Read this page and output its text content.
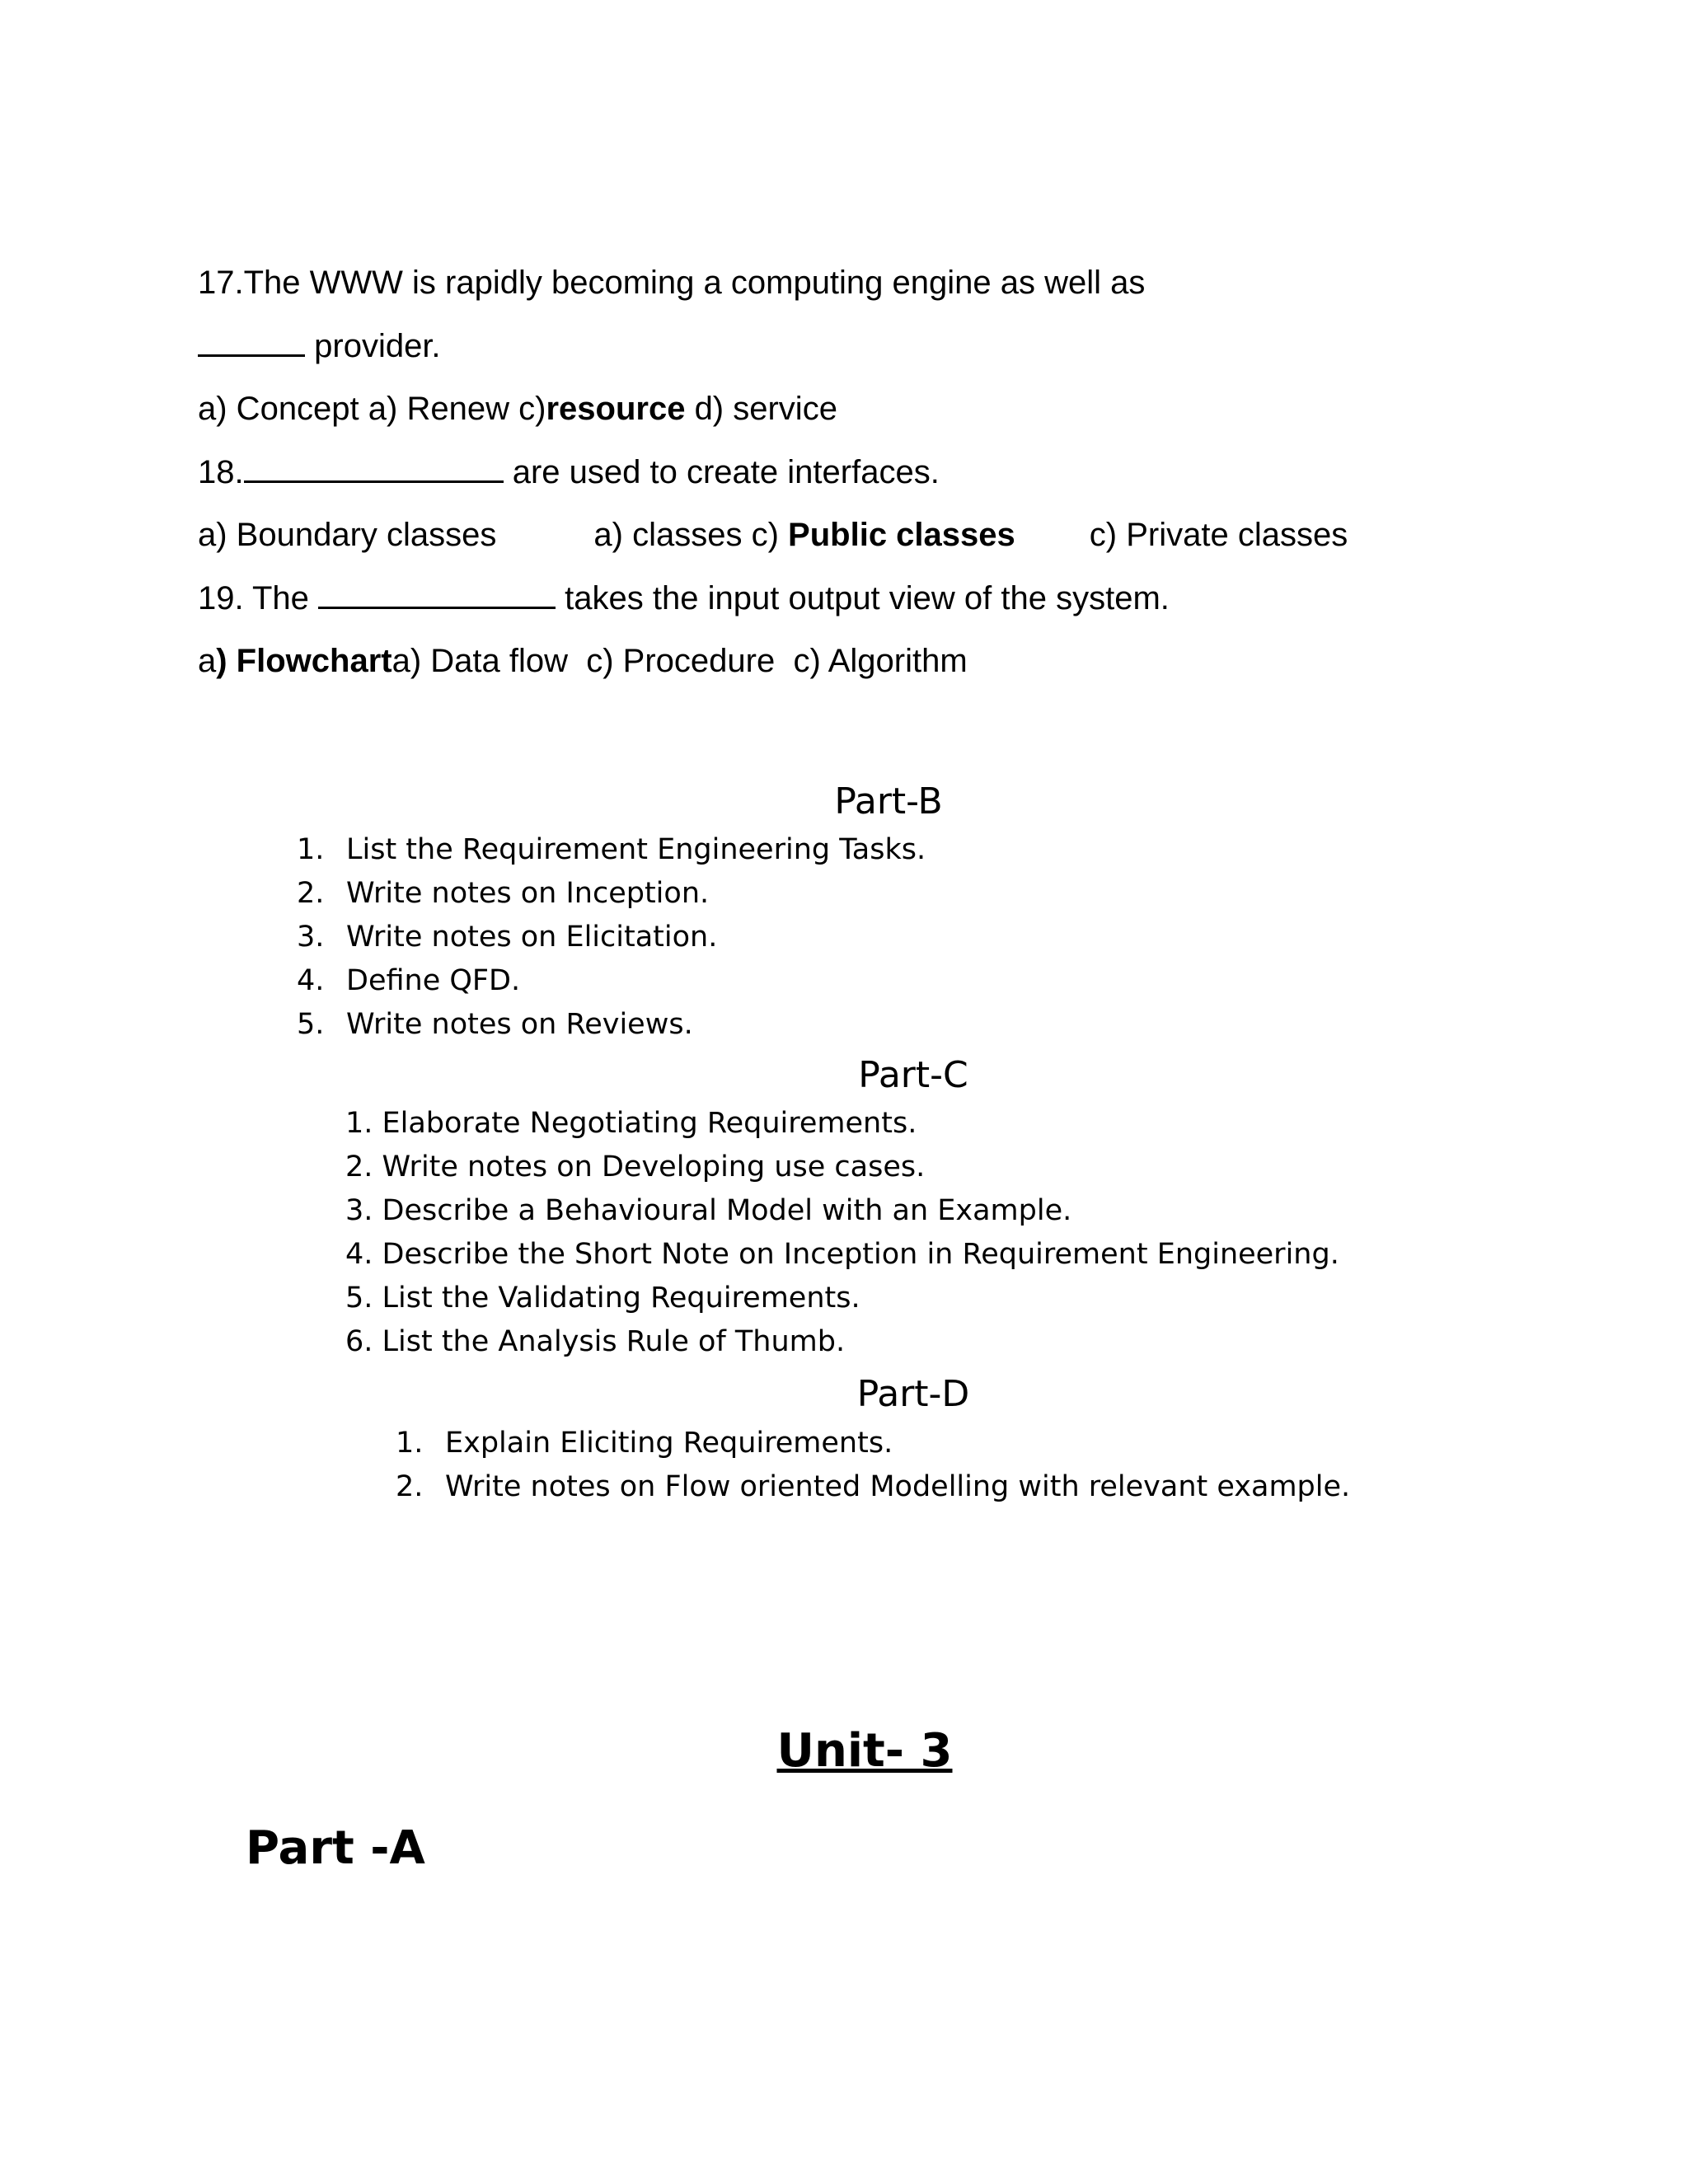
17.The WWW is rapidly becoming a computing engine as well as
provider.
a) Concept a) Renew c)resource d) service
18.	are used to create interfaces.
a) Boundary classes	a) classes c) Public classes c) Private classes
19. The	takes the input output view of the system.
a) Flowcharta) Data flow c) Procedure c) Algorithm
Part-B
1. List the Requirement Engineering Tasks.
2. Write notes on Inception.
3. Write notes on Elicitation.
4. Define QFD.
5. Write notes on Reviews.
Part-C
1. Elaborate Negotiating Requirements.
2. Write notes on Developing use cases.
3. Describe a Behavioural Model with an Example.
4. Describe the Short Note on Inception in Requirement Engineering.
5. List the Validating Requirements.
6. List the Analysis Rule of Thumb.
Part-D
1. Explain Eliciting Requirements.
2. Write notes on Flow oriented Modelling with relevant example.
Unit- 3
Part -A
